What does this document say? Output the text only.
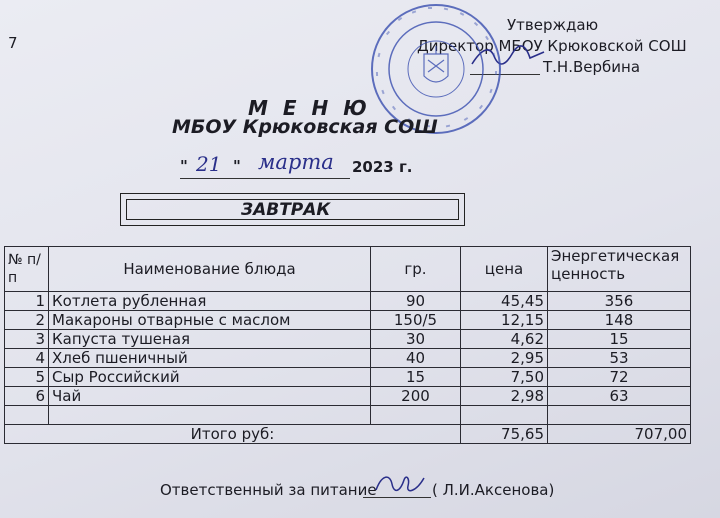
7
Утверждаю
Директор МБОУ Крюковской СОШ
Т.Н.Вербина
М Е Н Ю
МБОУ Крюковская СОШ
" 21 " марта 2023 г.
ЗАВТРАК
№ п/п	Наименование блюда	гр.	цена	Энергетическая ценность
1	Котлета рубленная	90	45,45	356
2	Макароны отварные с маслом	150/5	12,15	148
3	Капуста тушеная	30	4,62	15
4	Хлеб пшеничный	40	2,95	53
5	Сыр Российский	15	7,50	72
6	Чай	200	2,98	63

Итого руб:			75,65	707,00
Ответственный за питание	( Л.И.Аксенова)
